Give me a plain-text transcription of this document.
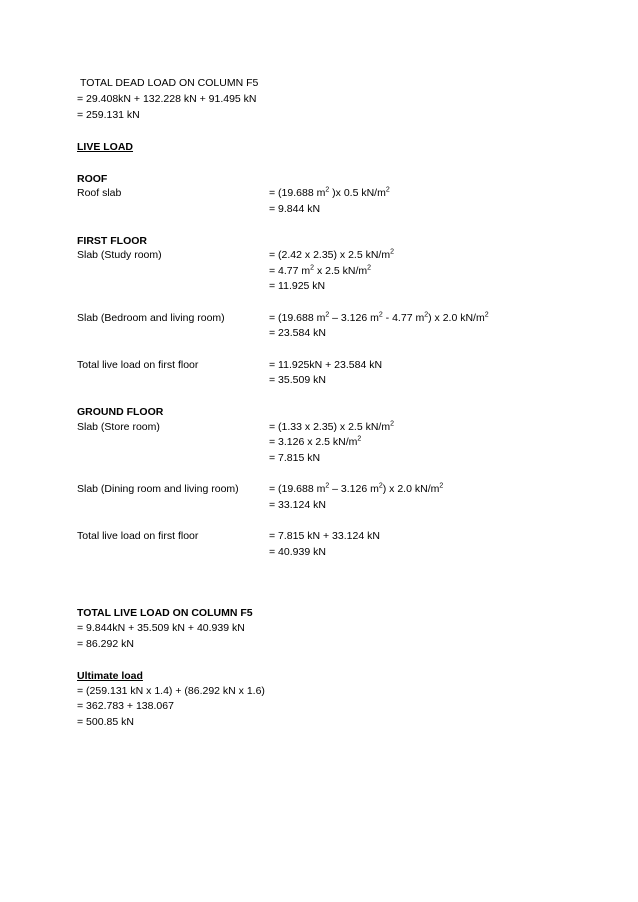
TOTAL DEAD LOAD ON COLUMN F5
= 29.408kN + 132.228 kN + 91.495 kN
= 259.131 kN
LIVE LOAD
ROOF
Roof slab	= (19.688 $m^2$ )x 0.5 $kN/m^2$
= 9.844 kN
FIRST FLOOR
Slab (Study room)	= (2.42 x 2.35) x 2.5 $kN/m^2$
= 4.77 $m^2$ x 2.5 $kN/m^2$
= 11.925 kN
Slab (Bedroom and living room)	= (19.688 $m^2 - 3.126$ $m^2 - 4.77$ $m^2$) x 2.0 $kN/m^2$
= 23.584 kN
Total live load on first floor	= 11.925kN + 23.584 kN
= 35.509 kN
GROUND FLOOR
Slab (Store room)	= (1.33 x 2.35) x 2.5 $kN/m^2$
= 3.126 x 2.5 $kN/m^2$
= 7.815 kN
Slab (Dining room and living room)	= (19.688 $m^2 - 3.126$ $m^2$) x 2.0 $kN/m^2$
= 33.124 kN
Total live load on first floor	= 7.815 kN + 33.124 kN
= 40.939 kN
TOTAL LIVE LOAD ON COLUMN F5
= 9.844kN + 35.509 kN + 40.939 kN
= 86.292 kN
Ultimate load
= (259.131 kN x 1.4) + (86.292 kN x 1.6)
= 362.783 + 138.067
= 500.85 kN
